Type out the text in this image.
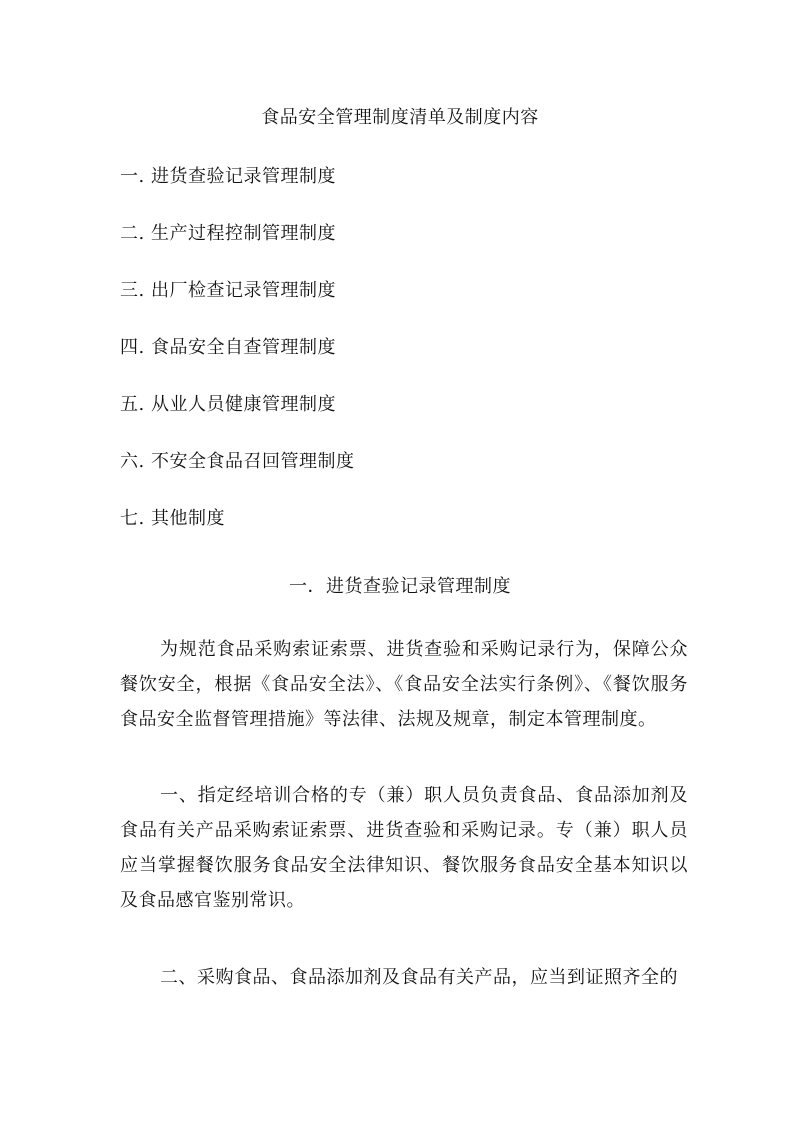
食品安全管理制度清单及制度内容
一. 进货查验记录管理制度
二. 生产过程控制管理制度
三. 出厂检查记录管理制度
四. 食品安全自查管理制度
五. 从业人员健康管理制度
六. 不安全食品召回管理制度
七. 其他制度
一．进货查验记录管理制度

为规范食品采购索证索票、进货查验和采购记录行为，保障公众餐饮安全，根据《食品安全法》、《食品安全法实行条例》、《餐饮服务食品安全监督管理措施》等法律、法规及规章，制定本管理制度。

一、指定经培训合格的专（兼）职人员负责食品、食品添加剂及食品有关产品采购索证索票、进货查验和采购记录。专（兼）职人员应当掌握餐饮服务食品安全法律知识、餐饮服务食品安全基本知识以及食品感官鉴别常识。

二、采购食品、食品添加剂及食品有关产品，应当到证照齐全的
